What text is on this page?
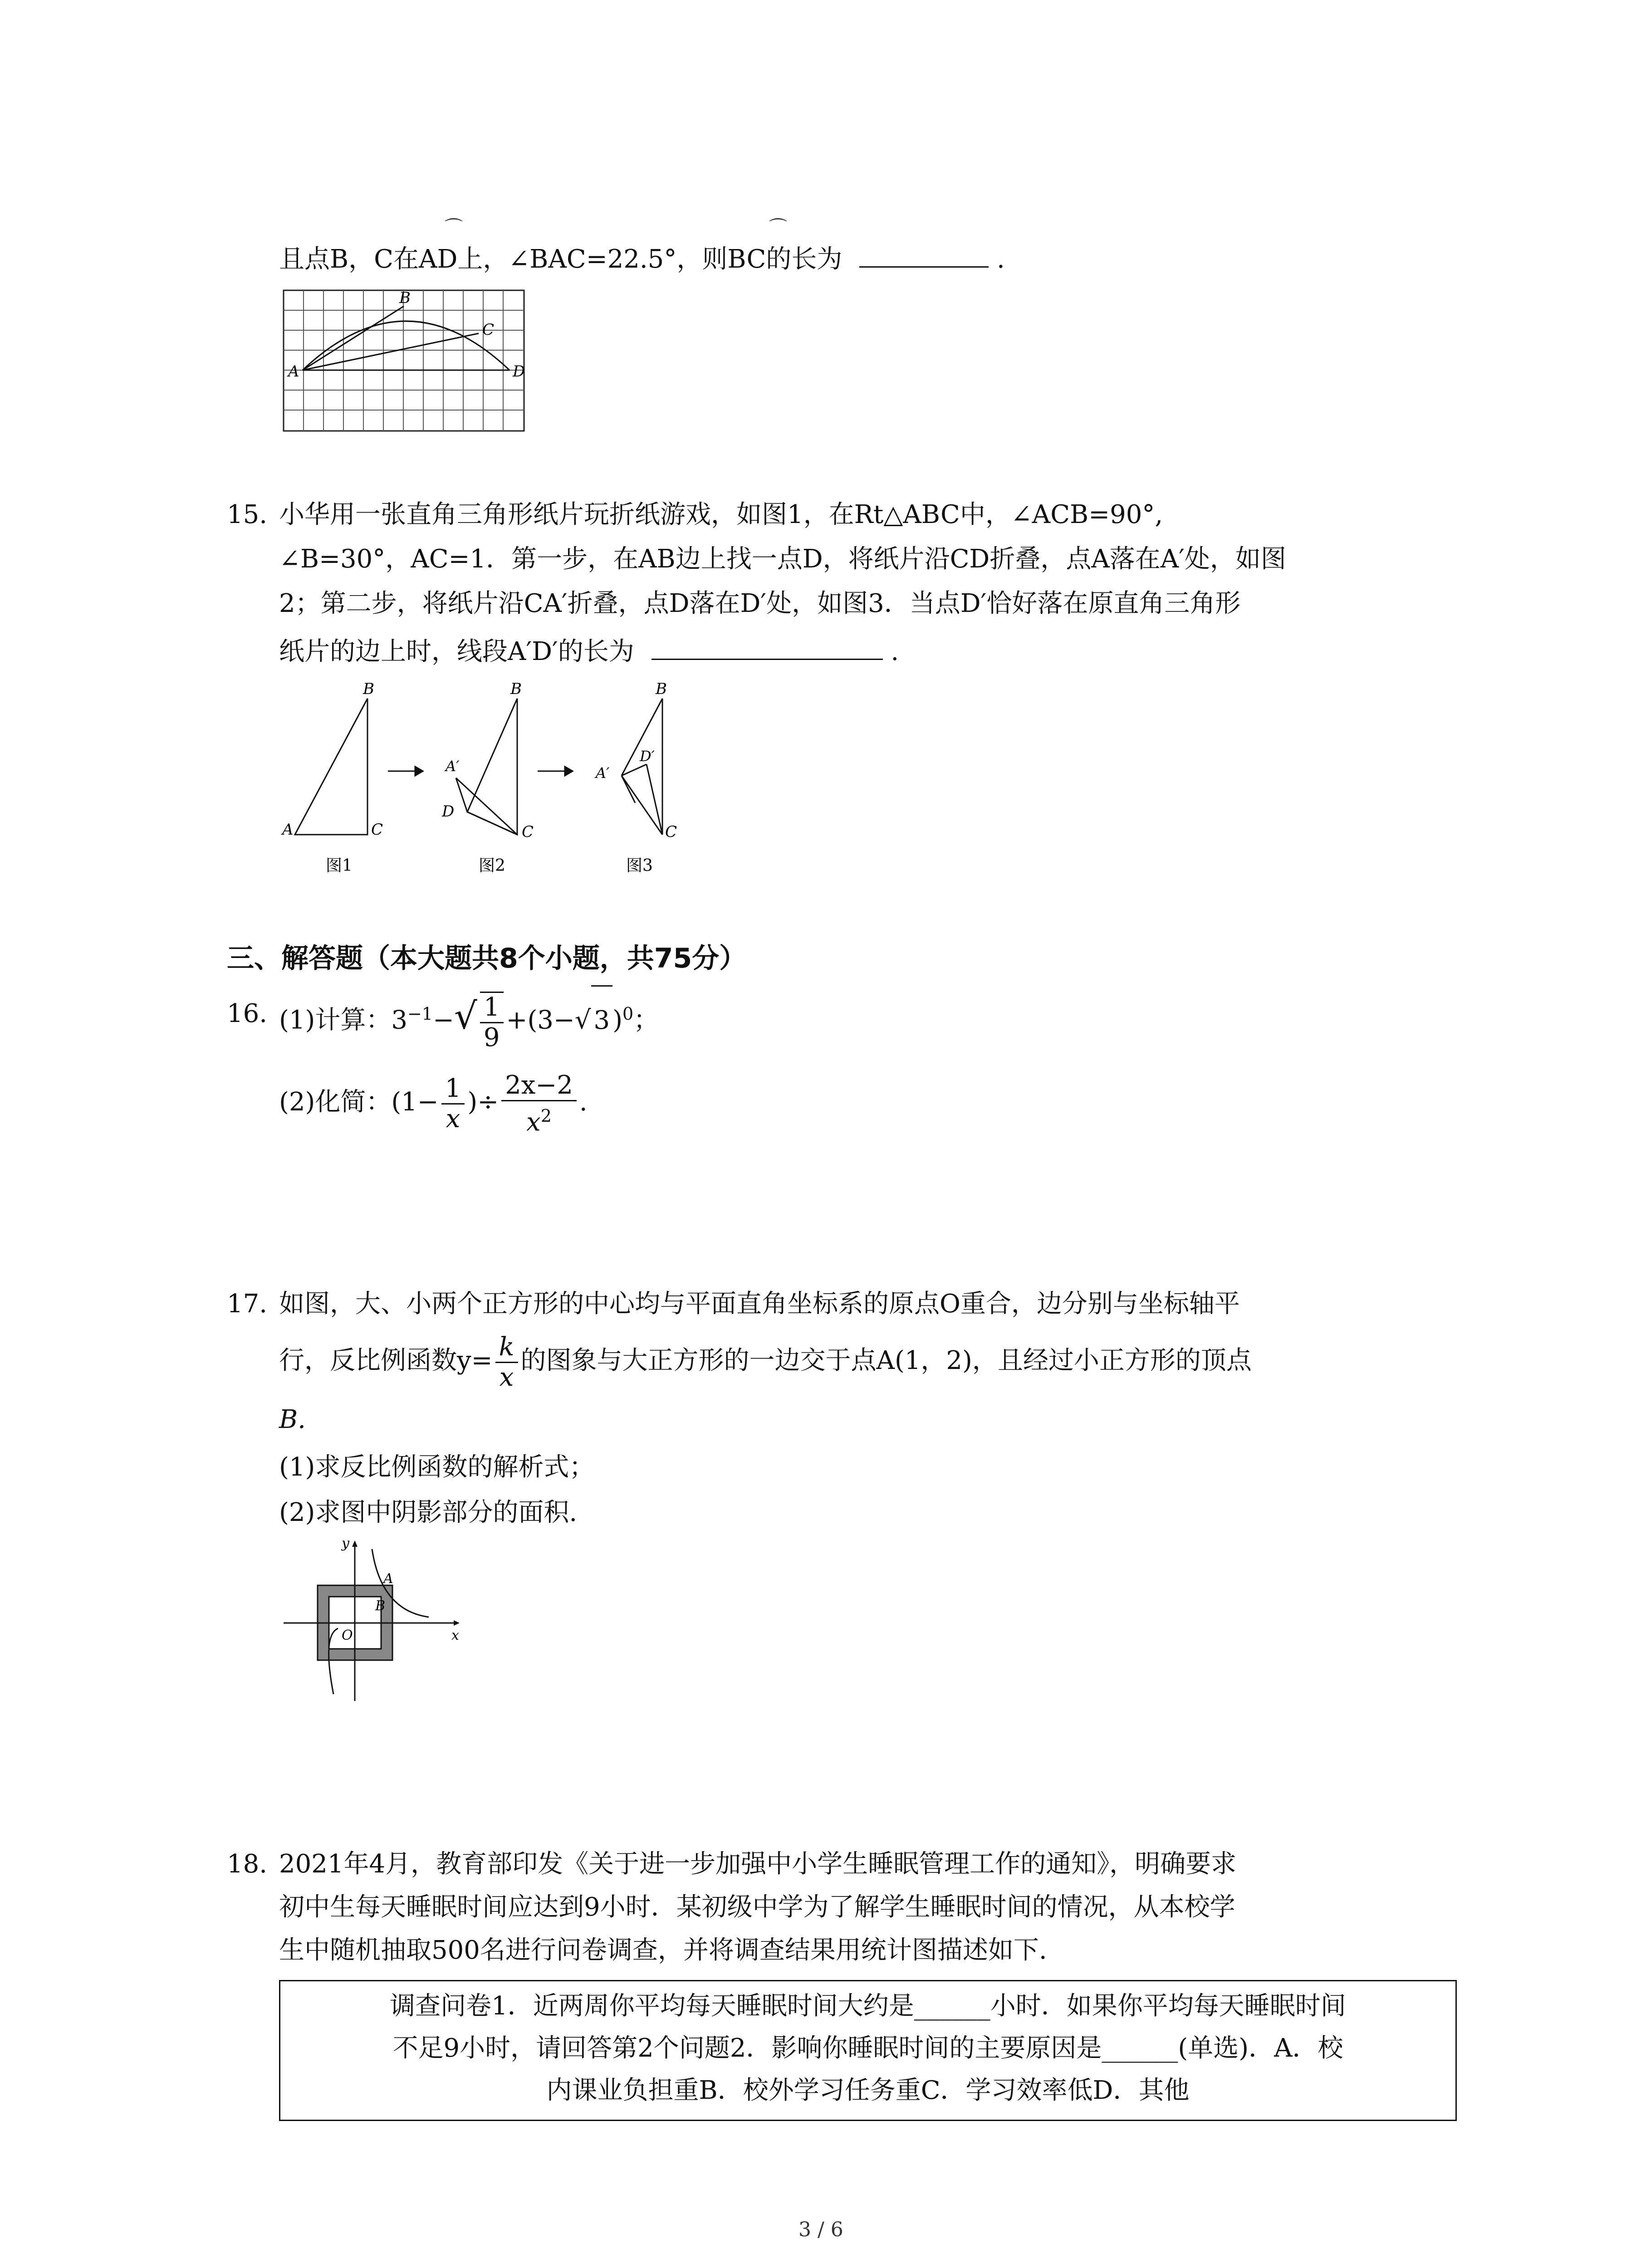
⌒	⌒
且点B，C在AD上，∠BAC=22.5°，则BC的长为	.
A
B
C
D
15. 小华用一张直角三角形纸片玩折纸游戏，如图1，在Rt△ABC中，∠ACB=90°,
∠B=30°，AC=1．第一步，在AB边上找一点D，将纸片沿CD折叠，点A落在A′处，如图
2；第二步，将纸片沿CA′折叠，点D落在D′处，如图3．当点D′恰好落在原直角三角形
纸片的边上时，线段A′D′的长为	.
B
A	C
图1
B
A′
D
C
图2
B
A′
D′
C
图3
三、解答题（本大题共8个小题，共75分）
16. (1)计算：$3^{-1}-√ \frac{1}{9} +(3-√$ 3 )$^0$；
(2)化简：($1- \frac{1}{x}$ )÷ $\frac{2x-2}{x^2}$ .
17. 如图，大、小两个正方形的中心均与平面直角坐标系的原点O重合，边分别与坐标轴平
行，反比例函数$y= \frac{k}{x}$ 的图象与大正方形的一边交于点A(1，2)，且经过小正方形的顶点
B.
(1)求反比例函数的解析式；
(2)求图中阴影部分的面积.
y
x
A
B
O
18. 2021年4月，教育部印发《关于进一步加强中小学生睡眠管理工作的通知》，明确要求
初中生每天睡眠时间应达到9小时．某初级中学为了解学生睡眠时间的情况，从本校学
生中随机抽取500名进行问卷调查，并将调查结果用统计图描述如下.
调查问卷1．近两周你平均每天睡眠时间大约是______小时．如果你平均每天睡眠时间
不足9小时，请回答第2个问题2．影响你睡眠时间的主要原因是______(单选)．A．校
内课业负担重B．校外学习任务重C．学习效率低D．其他
3 / 6
